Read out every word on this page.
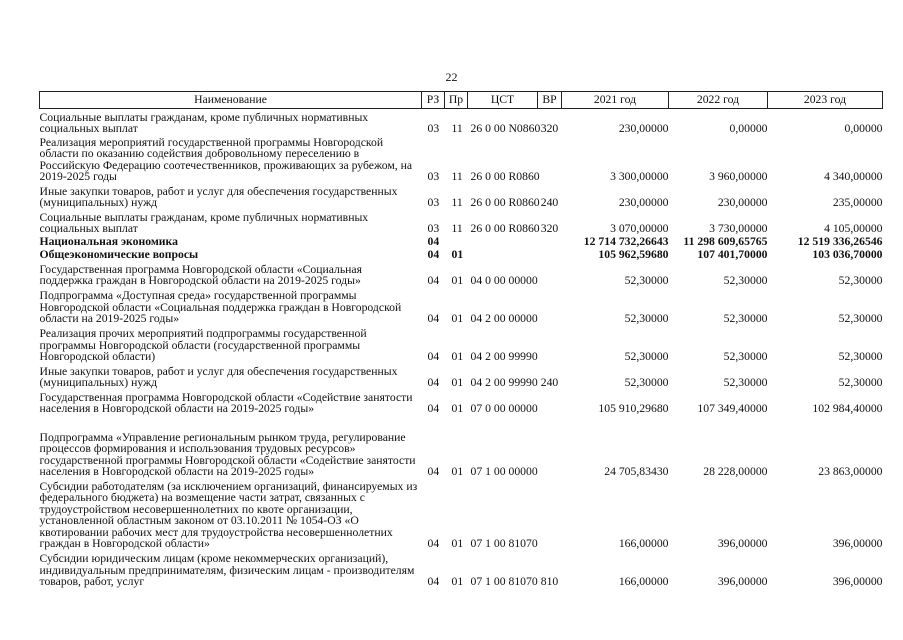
22
Наименование	РЗ	Пр	ЦСТ	ВР	2021 год	2022 год	2023 год
Социальные выплаты гражданам, кроме публичных нормативных социальных выплат	03	11	26 0 00 N0860	320	230,00000	0,00000	0,00000
Реализация мероприятий государственной программы Новгородской области по оказанию содействия добровольному переселению в Российскую Федерацию соотечественников, проживающих за рубежом, на 2019-2025 годы	03	11	26 0 00 R0860		3 300,00000	3 960,00000	4 340,00000
Иные закупки товаров, работ и услуг для обеспечения государственных (муниципальных) нужд	03	11	26 0 00 R0860	240	230,00000	230,00000	235,00000
Социальные выплаты гражданам, кроме публичных нормативных социальных выплат	03	11	26 0 00 R0860	320	3 070,00000	3 730,00000	4 105,00000
Национальная экономика	04				12 714 732,26643	11 298 609,65765	12 519 336,26546
Общеэкономические вопросы	04	01			105 962,59680	107 401,70000	103 036,70000
Государственная программа Новгородской области «Социальная поддержка граждан в Новгородской области на 2019-2025 годы»	04	01	04 0 00 00000		52,30000	52,30000	52,30000
Подпрограмма «Доступная среда» государственной программы Новгородской области «Социальная поддержка граждан в Новгородской области на 2019-2025 годы»	04	01	04 2 00 00000		52,30000	52,30000	52,30000
Реализация прочих мероприятий подпрограммы государственной программы Новгородской области (государственной программы Новгородской области)	04	01	04 2 00 99990		52,30000	52,30000	52,30000
Иные закупки товаров, работ и услуг для обеспечения государственных (муниципальных) нужд	04	01	04 2 00 99990	240	52,30000	52,30000	52,30000
Государственная программа Новгородской области «Содействие занятости населения в Новгородской области на 2019-2025 годы»	04	01	07 0 00 00000		105 910,29680	107 349,40000	102 984,40000
Подпрограмма «Управление региональным рынком труда, регулирование процессов формирования и использования трудовых ресурсов» государственной программы Новгородской области «Содействие занятости населения в Новгородской области на 2019-2025 годы»	04	01	07 1 00 00000		24 705,83430	28 228,00000	23 863,00000
Субсидии работодателям (за исключением организаций, финансируемых из федерального бюджета) на возмещение части затрат, связанных с трудоустройством несовершеннолетних по квоте организации, установленной областным законом от 03.10.2011 № 1054-ОЗ «О квотировании рабочих мест для трудоустройства несовершеннолетних граждан в Новгородской области»	04	01	07 1 00 81070		166,00000	396,00000	396,00000
Субсидии юридическим лицам (кроме некоммерческих организаций), индивидуальным предпринимателям, физическим лицам - производителям товаров, работ, услуг	04	01	07 1 00 81070	810	166,00000	396,00000	396,00000
